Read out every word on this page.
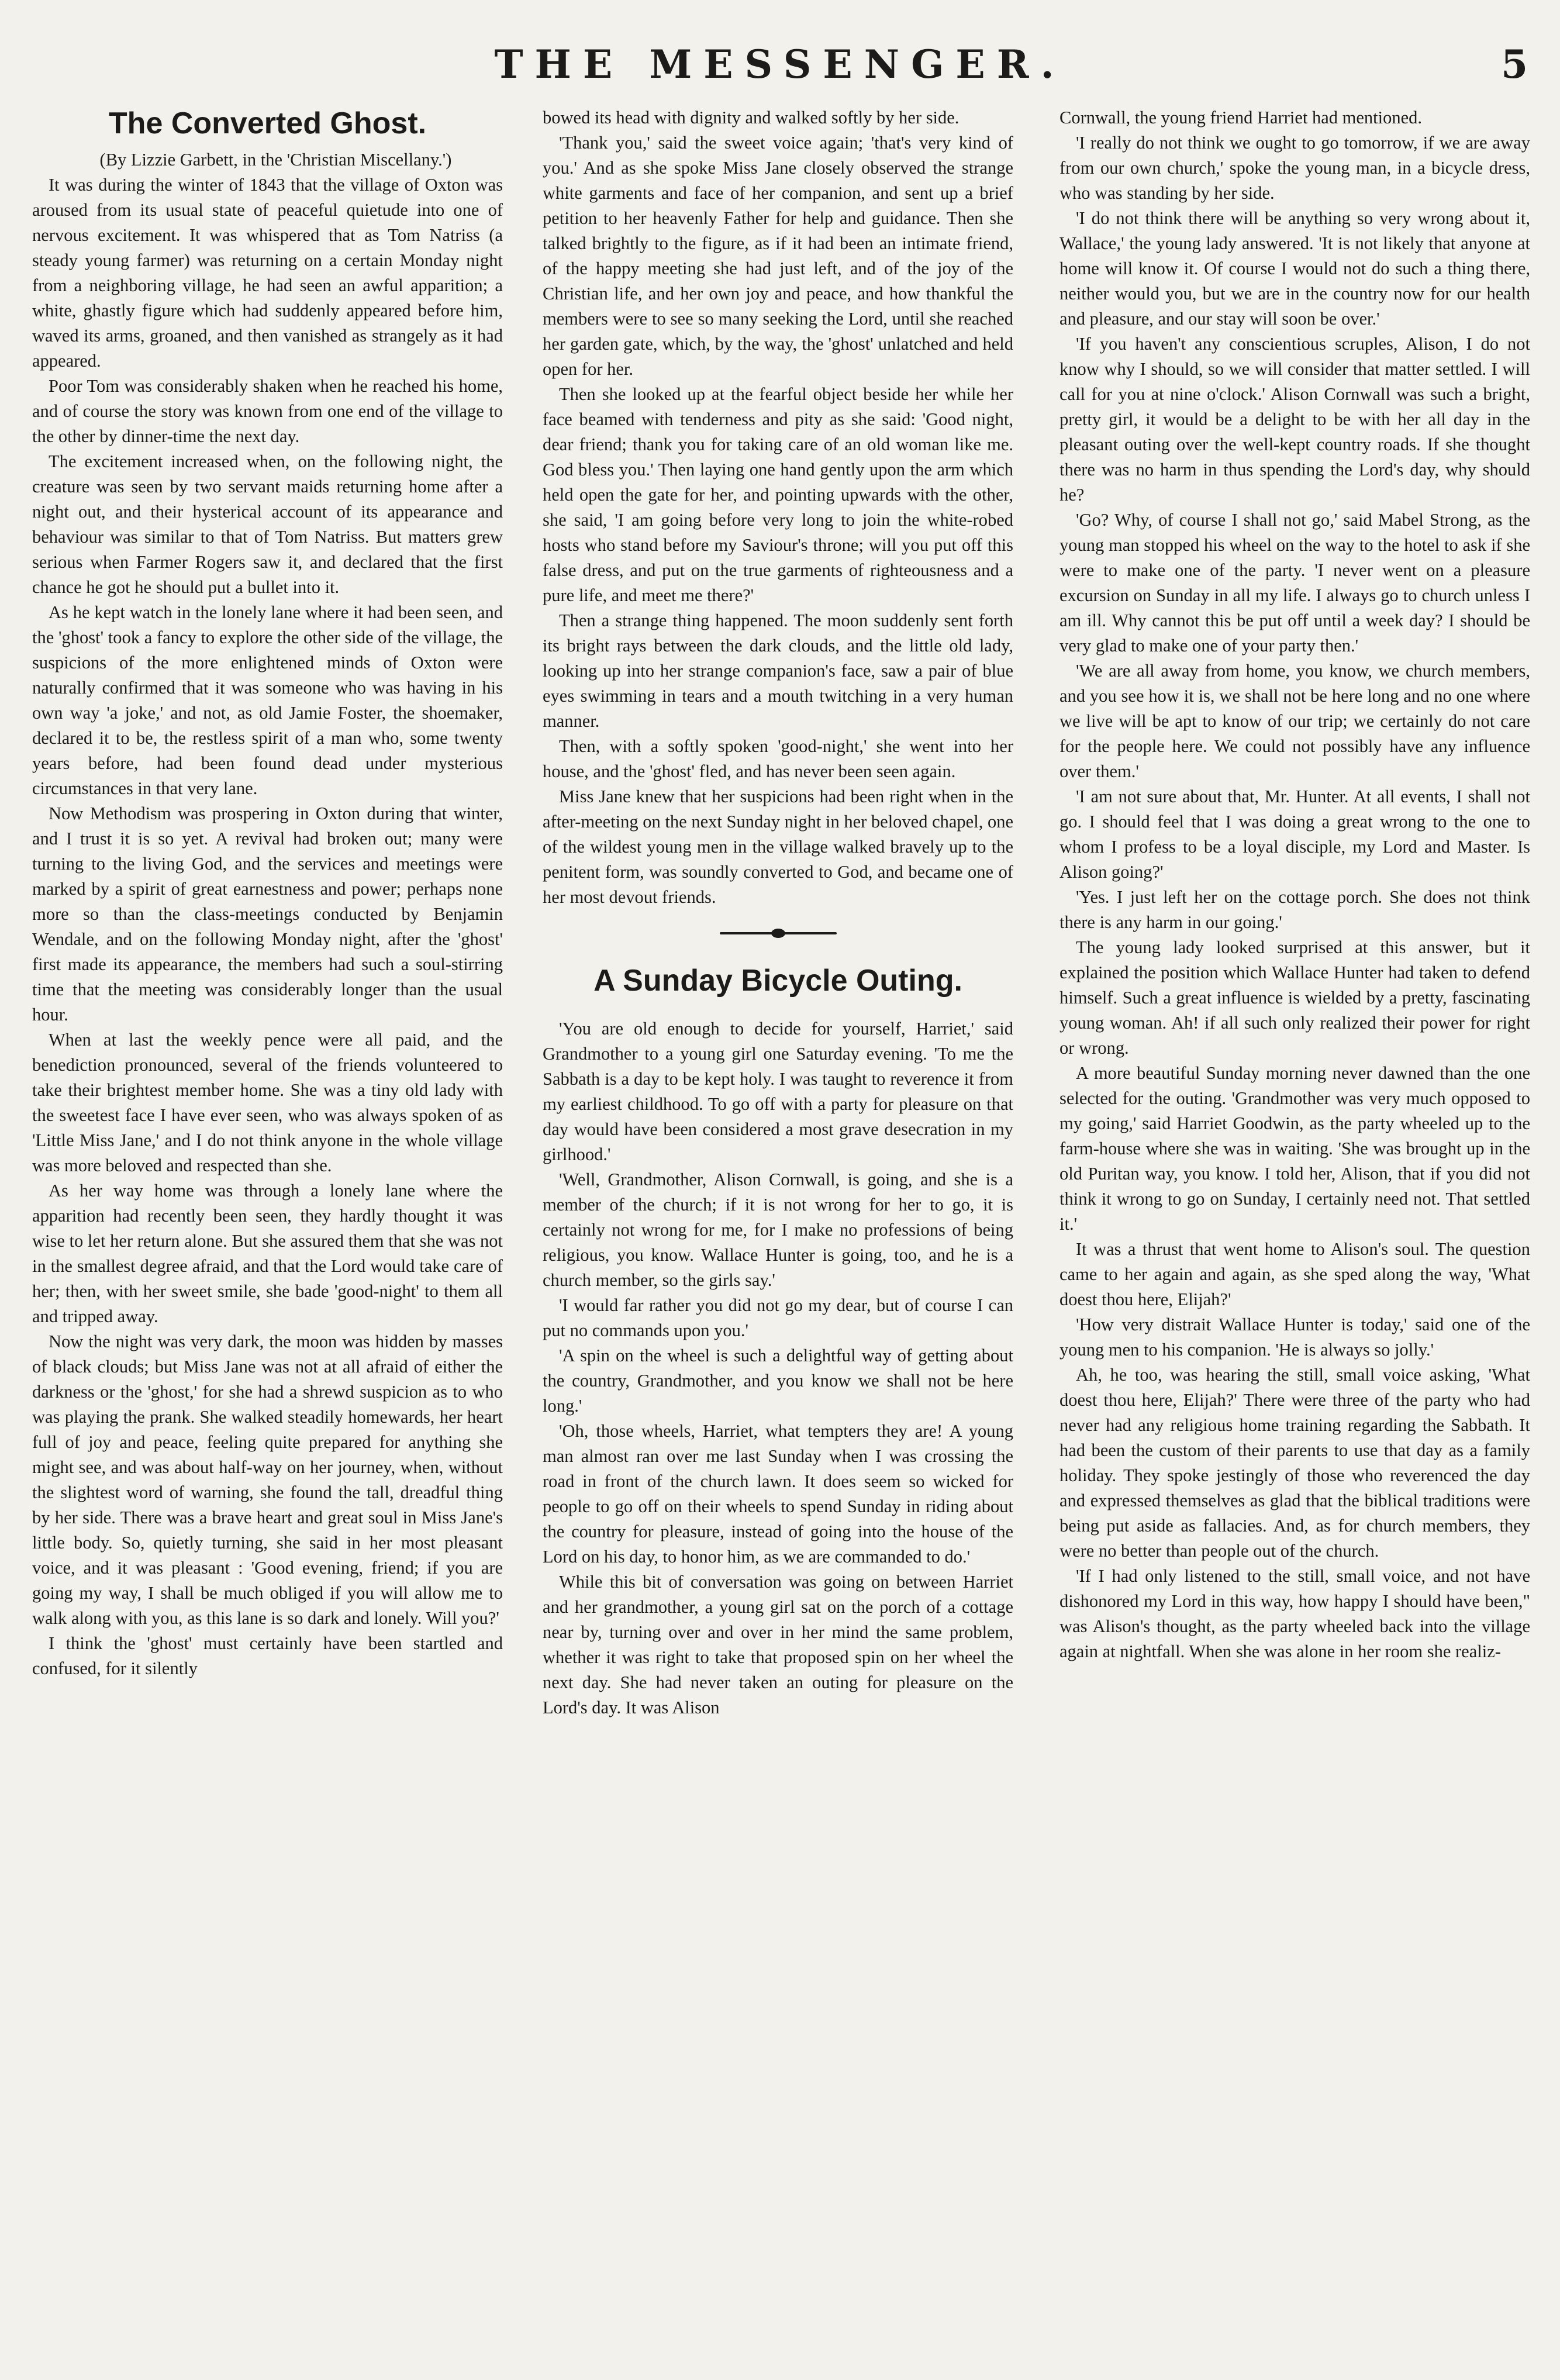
THE MESSENGER.	5
The Converted Ghost.

(By Lizzie Garbett, in the 'Christian Miscellany.')

It was during the winter of 1843 that the village of Oxton was aroused from its usual state of peaceful quietude into one of nervous excitement. It was whispered that as Tom Natriss (a steady young farmer) was returning on a certain Monday night from a neighboring village, he had seen an awful apparition; a white, ghastly figure which had suddenly appeared before him, waved its arms, groaned, and then vanished as strangely as it had appeared.

Poor Tom was considerably shaken when he reached his home, and of course the story was known from one end of the village to the other by dinner-time the next day.

The excitement increased when, on the following night, the creature was seen by two servant maids returning home after a night out, and their hysterical account of its appearance and behaviour was similar to that of Tom Natriss. But matters grew serious when Farmer Rogers saw it, and declared that the first chance he got he should put a bullet into it.

As he kept watch in the lonely lane where it had been seen, and the 'ghost' took a fancy to explore the other side of the village, the suspicions of the more enlightened minds of Oxton were naturally confirmed that it was someone who was having in his own way 'a joke,' and not, as old Jamie Foster, the shoemaker, declared it to be, the restless spirit of a man who, some twenty years before, had been found dead under mysterious circumstances in that very lane.

Now Methodism was prospering in Oxton during that winter, and I trust it is so yet. A revival had broken out; many were turning to the living God, and the services and meetings were marked by a spirit of great earnestness and power; perhaps none more so than the class-meetings conducted by Benjamin Wendale, and on the following Monday night, after the 'ghost' first made its appearance, the members had such a soul-stirring time that the meeting was considerably longer than the usual hour.

When at last the weekly pence were all paid, and the benediction pronounced, several of the friends volunteered to take their brightest member home. She was a tiny old lady with the sweetest face I have ever seen, who was always spoken of as 'Little Miss Jane,' and I do not think anyone in the whole village was more beloved and respected than she.

As her way home was through a lonely lane where the apparition had recently been seen, they hardly thought it was wise to let her return alone. But she assured them that she was not in the smallest degree afraid, and that the Lord would take care of her; then, with her sweet smile, she bade 'good-night' to them all and tripped away.

Now the night was very dark, the moon was hidden by masses of black clouds; but Miss Jane was not at all afraid of either the darkness or the 'ghost,' for she had a shrewd suspicion as to who was playing the prank. She walked steadily homewards, her heart full of joy and peace, feeling quite prepared for anything she might see, and was about half-way on her journey, when, without the slightest word of warning, she found the tall, dreadful thing by her side. There was a brave heart and great soul in Miss Jane's little body. So, quietly turning, she said in her most pleasant voice, and it was pleasant : 'Good evening, friend; if you are going my way, I shall be much obliged if you will allow me to walk along with you, as this lane is so dark and lonely. Will you?'

I think the 'ghost' must certainly have been startled and confused, for it silently

bowed its head with dignity and walked softly by her side.

'Thank you,' said the sweet voice again; 'that's very kind of you.' And as she spoke Miss Jane closely observed the strange white garments and face of her companion, and sent up a brief petition to her heavenly Father for help and guidance. Then she talked brightly to the figure, as if it had been an intimate friend, of the happy meeting she had just left, and of the joy of the Christian life, and her own joy and peace, and how thankful the members were to see so many seeking the Lord, until she reached her garden gate, which, by the way, the 'ghost' unlatched and held open for her.

Then she looked up at the fearful object beside her while her face beamed with tenderness and pity as she said: 'Good night, dear friend; thank you for taking care of an old woman like me. God bless you.' Then laying one hand gently upon the arm which held open the gate for her, and pointing upwards with the other, she said, 'I am going before very long to join the white-robed hosts who stand before my Saviour's throne; will you put off this false dress, and put on the true garments of righteousness and a pure life, and meet me there?'

Then a strange thing happened. The moon suddenly sent forth its bright rays between the dark clouds, and the little old lady, looking up into her strange companion's face, saw a pair of blue eyes swimming in tears and a mouth twitching in a very human manner.

Then, with a softly spoken 'good-night,' she went into her house, and the 'ghost' fled, and has never been seen again.

Miss Jane knew that her suspicions had been right when in the after-meeting on the next Sunday night in her beloved chapel, one of the wildest young men in the village walked bravely up to the penitent form, was soundly converted to God, and became one of her most devout friends.

A Sunday Bicycle Outing.

'You are old enough to decide for yourself, Harriet,' said Grandmother to a young girl one Saturday evening. 'To me the Sabbath is a day to be kept holy. I was taught to reverence it from my earliest childhood. To go off with a party for pleasure on that day would have been considered a most grave desecration in my girlhood.'

'Well, Grandmother, Alison Cornwall, is going, and she is a member of the church; if it is not wrong for her to go, it is certainly not wrong for me, for I make no professions of being religious, you know. Wallace Hunter is going, too, and he is a church member, so the girls say.'

'I would far rather you did not go my dear, but of course I can put no commands upon you.'

'A spin on the wheel is such a delightful way of getting about the country, Grandmother, and you know we shall not be here long.'

'Oh, those wheels, Harriet, what tempters they are! A young man almost ran over me last Sunday when I was crossing the road in front of the church lawn. It does seem so wicked for people to go off on their wheels to spend Sunday in riding about the country for pleasure, instead of going into the house of the Lord on his day, to honor him, as we are commanded to do.'

While this bit of conversation was going on between Harriet and her grandmother, a young girl sat on the porch of a cottage near by, turning over and over in her mind the same problem, whether it was right to take that proposed spin on her wheel the next day. She had never taken an outing for pleasure on the Lord's day. It was Alison

Cornwall, the young friend Harriet had mentioned.

'I really do not think we ought to go tomorrow, if we are away from our own church,' spoke the young man, in a bicycle dress, who was standing by her side.

'I do not think there will be anything so very wrong about it, Wallace,' the young lady answered. 'It is not likely that anyone at home will know it. Of course I would not do such a thing there, neither would you, but we are in the country now for our health and pleasure, and our stay will soon be over.'

'If you haven't any conscientious scruples, Alison, I do not know why I should, so we will consider that matter settled. I will call for you at nine o'clock.' Alison Cornwall was such a bright, pretty girl, it would be a delight to be with her all day in the pleasant outing over the well-kept country roads. If she thought there was no harm in thus spending the Lord's day, why should he?

'Go? Why, of course I shall not go,' said Mabel Strong, as the young man stopped his wheel on the way to the hotel to ask if she were to make one of the party. 'I never went on a pleasure excursion on Sunday in all my life. I always go to church unless I am ill. Why cannot this be put off until a week day? I should be very glad to make one of your party then.'

'We are all away from home, you know, we church members, and you see how it is, we shall not be here long and no one where we live will be apt to know of our trip; we certainly do not care for the people here. We could not possibly have any influence over them.'

'I am not sure about that, Mr. Hunter. At all events, I shall not go. I should feel that I was doing a great wrong to the one to whom I profess to be a loyal disciple, my Lord and Master. Is Alison going?'

'Yes. I just left her on the cottage porch. She does not think there is any harm in our going.'

The young lady looked surprised at this answer, but it explained the position which Wallace Hunter had taken to defend himself. Such a great influence is wielded by a pretty, fascinating young woman. Ah! if all such only realized their power for right or wrong.

A more beautiful Sunday morning never dawned than the one selected for the outing. 'Grandmother was very much opposed to my going,' said Harriet Goodwin, as the party wheeled up to the farm-house where she was in waiting. 'She was brought up in the old Puritan way, you know. I told her, Alison, that if you did not think it wrong to go on Sunday, I certainly need not. That settled it.'

It was a thrust that went home to Alison's soul. The question came to her again and again, as she sped along the way, 'What doest thou here, Elijah?'

'How very distrait Wallace Hunter is today,' said one of the young men to his companion. 'He is always so jolly.'

Ah, he too, was hearing the still, small voice asking, 'What doest thou here, Elijah?' There were three of the party who had never had any religious home training regarding the Sabbath. It had been the custom of their parents to use that day as a family holiday. They spoke jestingly of those who reverenced the day and expressed themselves as glad that the biblical traditions were being put aside as fallacies. And, as for church members, they were no better than people out of the church.

'If I had only listened to the still, small voice, and not have dishonored my Lord in this way, how happy I should have been," was Alison's thought, as the party wheeled back into the village again at nightfall. When she was alone in her room she realiz-
